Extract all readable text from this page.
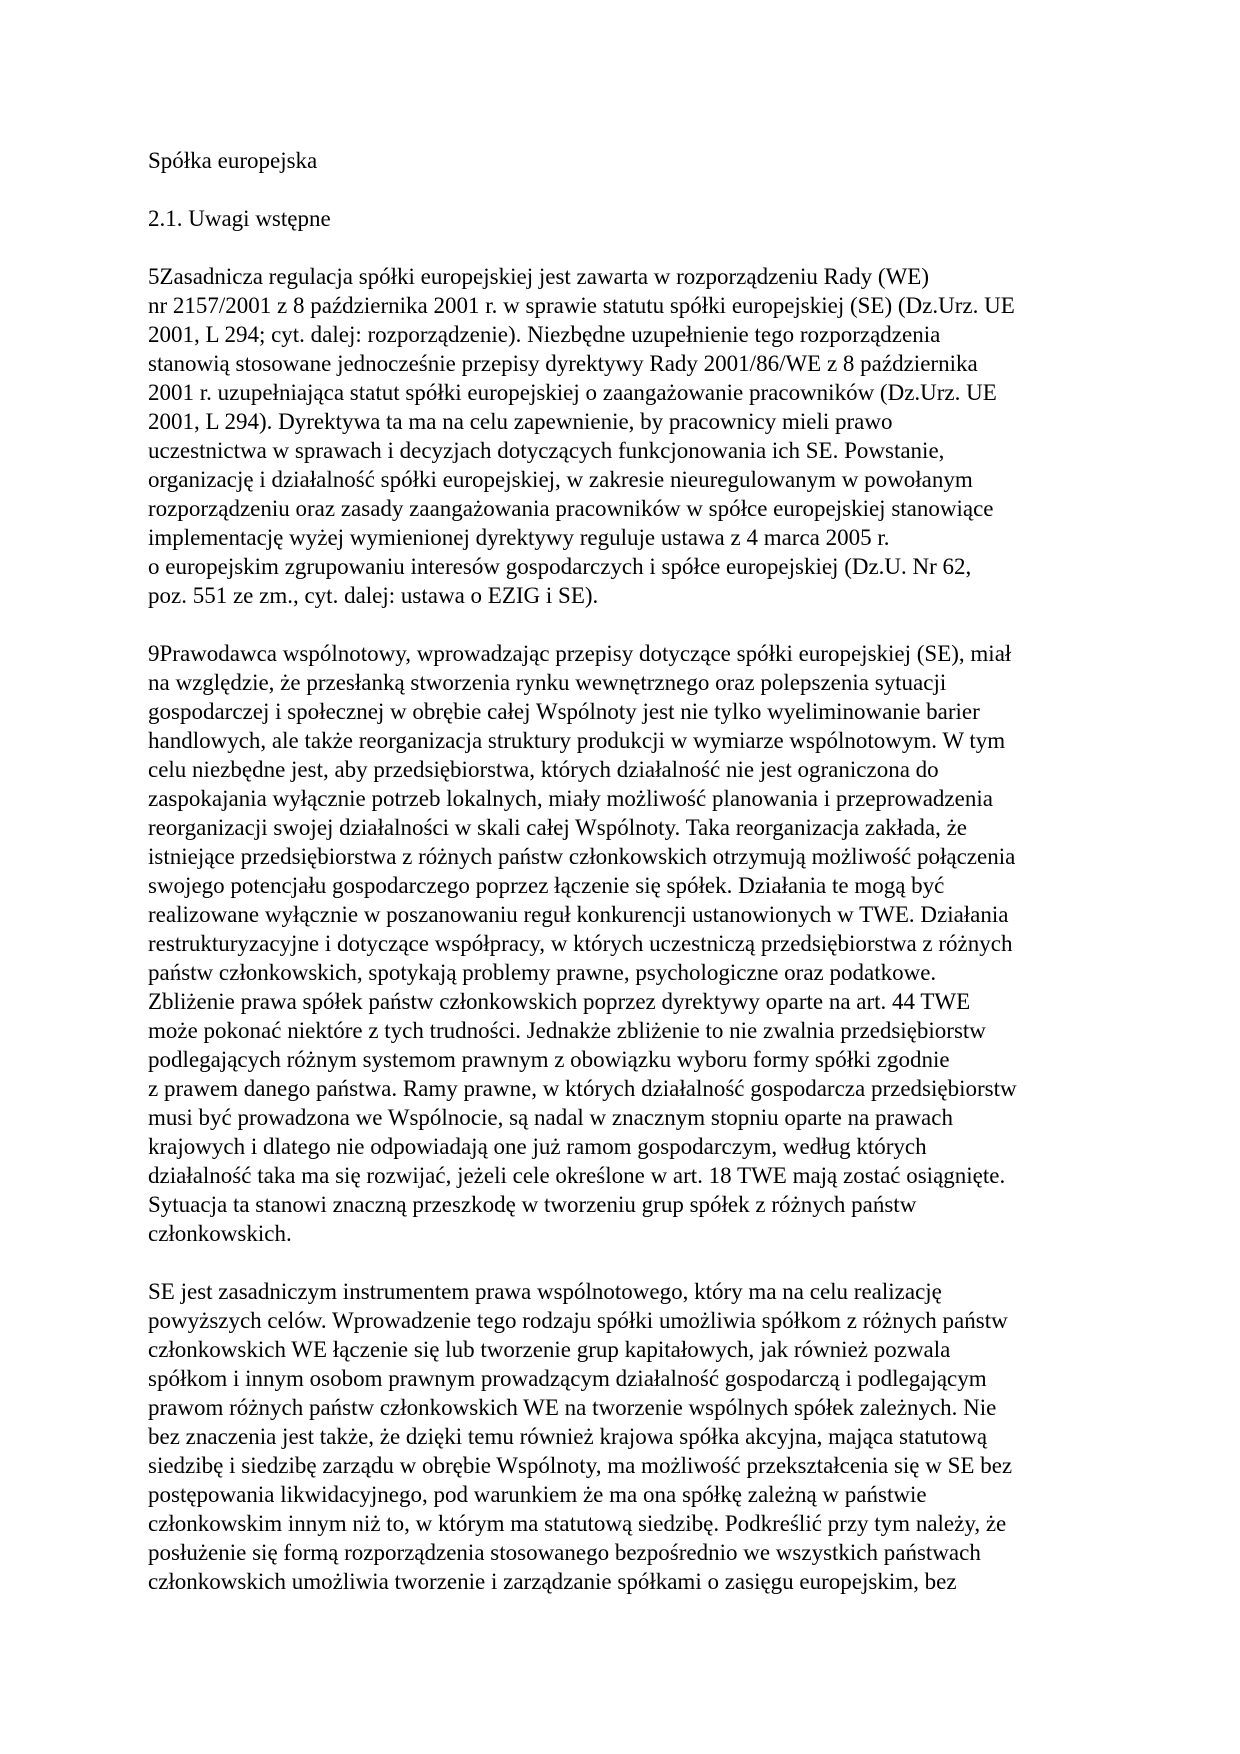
Spółka europejska
2.1. Uwagi wstępne
5Zasadnicza regulacja spółki europejskiej jest zawarta w rozporządzeniu Rady (WE)
nr 2157/2001 z 8 października 2001 r. w sprawie statutu spółki europejskiej (SE) (Dz.Urz. UE
2001, L 294; cyt. dalej: rozporządzenie). Niezbędne uzupełnienie tego rozporządzenia
stanowią stosowane jednocześnie przepisy dyrektywy Rady 2001/86/WE z 8 października
2001 r. uzupełniająca statut spółki europejskiej o zaangażowanie pracowników (Dz.Urz. UE
2001, L 294). Dyrektywa ta ma na celu zapewnienie, by pracownicy mieli prawo
uczestnictwa w sprawach i decyzjach dotyczących funkcjonowania ich SE. Powstanie,
organizację i działalność spółki europejskiej, w zakresie nieuregulowanym w powołanym
rozporządzeniu oraz zasady zaangażowania pracowników w spółce europejskiej stanowiące
implementację wyżej wymienionej dyrektywy reguluje ustawa z 4 marca 2005 r.
o europejskim zgrupowaniu interesów gospodarczych i spółce europejskiej (Dz.U. Nr 62,
poz. 551 ze zm., cyt. dalej: ustawa o EZIG i SE).
9Prawodawca wspólnotowy, wprowadzając przepisy dotyczące spółki europejskiej (SE), miał
na względzie, że przesłanką stworzenia rynku wewnętrznego oraz polepszenia sytuacji
gospodarczej i społecznej w obrębie całej Wspólnoty jest nie tylko wyeliminowanie barier
handlowych, ale także reorganizacja struktury produkcji w wymiarze wspólnotowym. W tym
celu niezbędne jest, aby przedsiębiorstwa, których działalność nie jest ograniczona do
zaspokajania wyłącznie potrzeb lokalnych, miały możliwość planowania i przeprowadzenia
reorganizacji swojej działalności w skali całej Wspólnoty. Taka reorganizacja zakłada, że
istniejące przedsiębiorstwa z różnych państw członkowskich otrzymują możliwość połączenia
swojego potencjału gospodarczego poprzez łączenie się spółek. Działania te mogą być
realizowane wyłącznie w poszanowaniu reguł konkurencji ustanowionych w TWE. Działania
restrukturyzacyjne i dotyczące współpracy, w których uczestniczą przedsiębiorstwa z różnych
państw członkowskich, spotykają problemy prawne, psychologiczne oraz podatkowe.
Zbliżenie prawa spółek państw członkowskich poprzez dyrektywy oparte na art. 44 TWE
może pokonać niektóre z tych trudności. Jednakże zbliżenie to nie zwalnia przedsiębiorstw
podlegających różnym systemom prawnym z obowiązku wyboru formy spółki zgodnie
z prawem danego państwa. Ramy prawne, w których działalność gospodarcza przedsiębiorstw
musi być prowadzona we Wspólnocie, są nadal w znacznym stopniu oparte na prawach
krajowych i dlatego nie odpowiadają one już ramom gospodarczym, według których
działalność taka ma się rozwijać, jeżeli cele określone w art. 18 TWE mają zostać osiągnięte.
Sytuacja ta stanowi znaczną przeszkodę w tworzeniu grup spółek z różnych państw
członkowskich.
SE jest zasadniczym instrumentem prawa wspólnotowego, który ma na celu realizację
powyższych celów. Wprowadzenie tego rodzaju spółki umożliwia spółkom z różnych państw
członkowskich WE łączenie się lub tworzenie grup kapitałowych, jak również pozwala
spółkom i innym osobom prawnym prowadzącym działalność gospodarczą i podlegającym
prawom różnych państw członkowskich WE na tworzenie wspólnych spółek zależnych. Nie
bez znaczenia jest także, że dzięki temu również krajowa spółka akcyjna, mająca statutową
siedzibę i siedzibę zarządu w obrębie Wspólnoty, ma możliwość przekształcenia się w SE bez
postępowania likwidacyjnego, pod warunkiem że ma ona spółkę zależną w państwie
członkowskim innym niż to, w którym ma statutową siedzibę. Podkreślić przy tym należy, że
posłużenie się formą rozporządzenia stosowanego bezpośrednio we wszystkich państwach
członkowskich umożliwia tworzenie i zarządzanie spółkami o zasięgu europejskim, bez
